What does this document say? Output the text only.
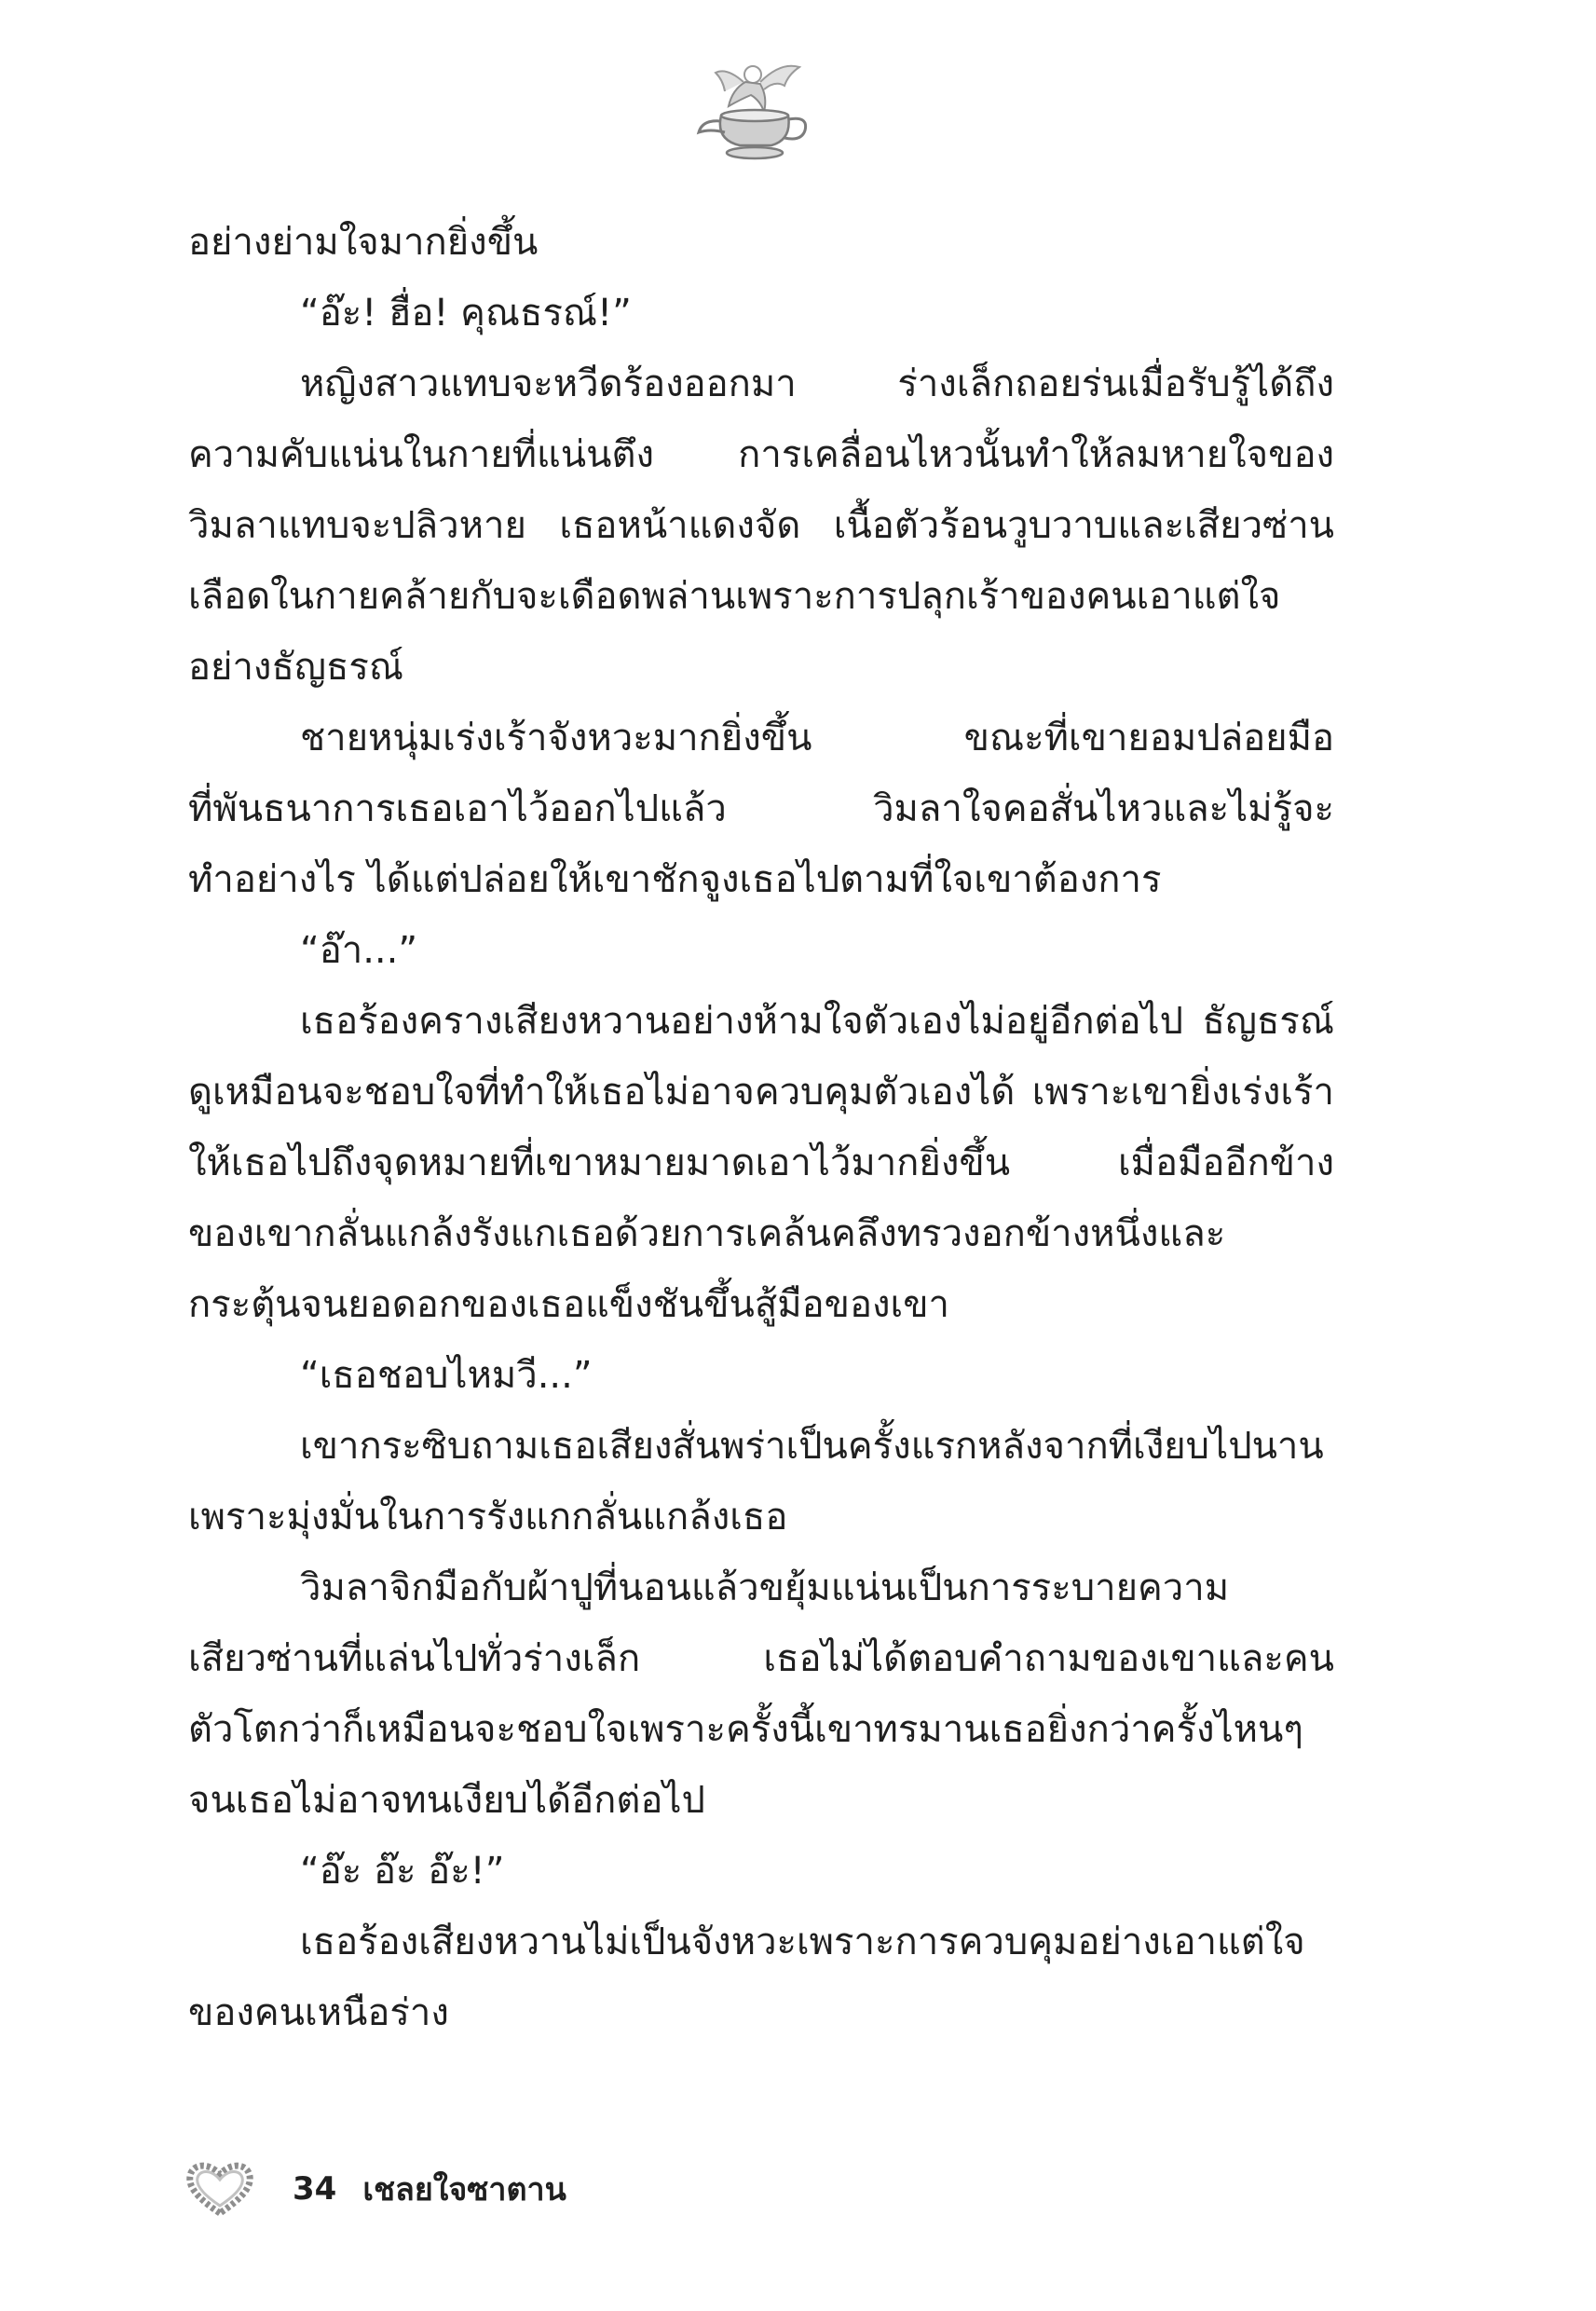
อย่างย่ามใจมากยิ่งขึ้น
“อ๊ะ! ฮื่อ! คุณธรณ์!”
หญิงสาวแทบจะหวีดร้องออกมา ร่างเล็กถอยร่นเมื่อรับรู้ได้ถึง
ความคับแน่นในกายที่แน่นตึง การเคลื่อนไหวนั้นทำให้ลมหายใจของ
วิมลาแทบจะปลิวหาย เธอหน้าแดงจัด เนื้อตัวร้อนวูบวาบและเสียวซ่าน
เลือดในกายคล้ายกับจะเดือดพล่านเพราะการปลุกเร้าของคนเอาแต่ใจ
อย่างธัญธรณ์
ชายหนุ่มเร่งเร้าจังหวะมากยิ่งขึ้น ขณะที่เขายอมปล่อยมือ
ที่พันธนาการเธอเอาไว้ออกไปแล้ว วิมลาใจคอสั่นไหวและไม่รู้จะ
ทำอย่างไร ได้แต่ปล่อยให้เขาชักจูงเธอไปตามที่ใจเขาต้องการ
“อ๊า...”
เธอร้องครางเสียงหวานอย่างห้ามใจตัวเองไม่อยู่อีกต่อไป ธัญธรณ์
ดูเหมือนจะชอบใจที่ทำให้เธอไม่อาจควบคุมตัวเองได้ เพราะเขายิ่งเร่งเร้า
ให้เธอไปถึงจุดหมายที่เขาหมายมาดเอาไว้มากยิ่งขึ้น เมื่อมืออีกข้าง
ของเขากลั่นแกล้งรังแกเธอด้วยการเคล้นคลึงทรวงอกข้างหนึ่งและ
กระตุ้นจนยอดอกของเธอแข็งชันขึ้นสู้มือของเขา
“เธอชอบไหมวี...”
เขากระซิบถามเธอเสียงสั่นพร่าเป็นครั้งแรกหลังจากที่เงียบไปนาน
เพราะมุ่งมั่นในการรังแกกลั่นแกล้งเธอ
วิมลาจิกมือกับผ้าปูที่นอนแล้วขยุ้มแน่นเป็นการระบายความ
เสียวซ่านที่แล่นไปทั่วร่างเล็ก เธอไม่ได้ตอบคำถามของเขาและคน
ตัวโตกว่าก็เหมือนจะชอบใจเพราะครั้งนี้เขาทรมานเธอยิ่งกว่าครั้งไหนๆ
จนเธอไม่อาจทนเงียบได้อีกต่อไป
“อ๊ะ อ๊ะ อ๊ะ!”
เธอร้องเสียงหวานไม่เป็นจังหวะเพราะการควบคุมอย่างเอาแต่ใจ
ของคนเหนือร่าง
34 เชลยใจซาตาน
